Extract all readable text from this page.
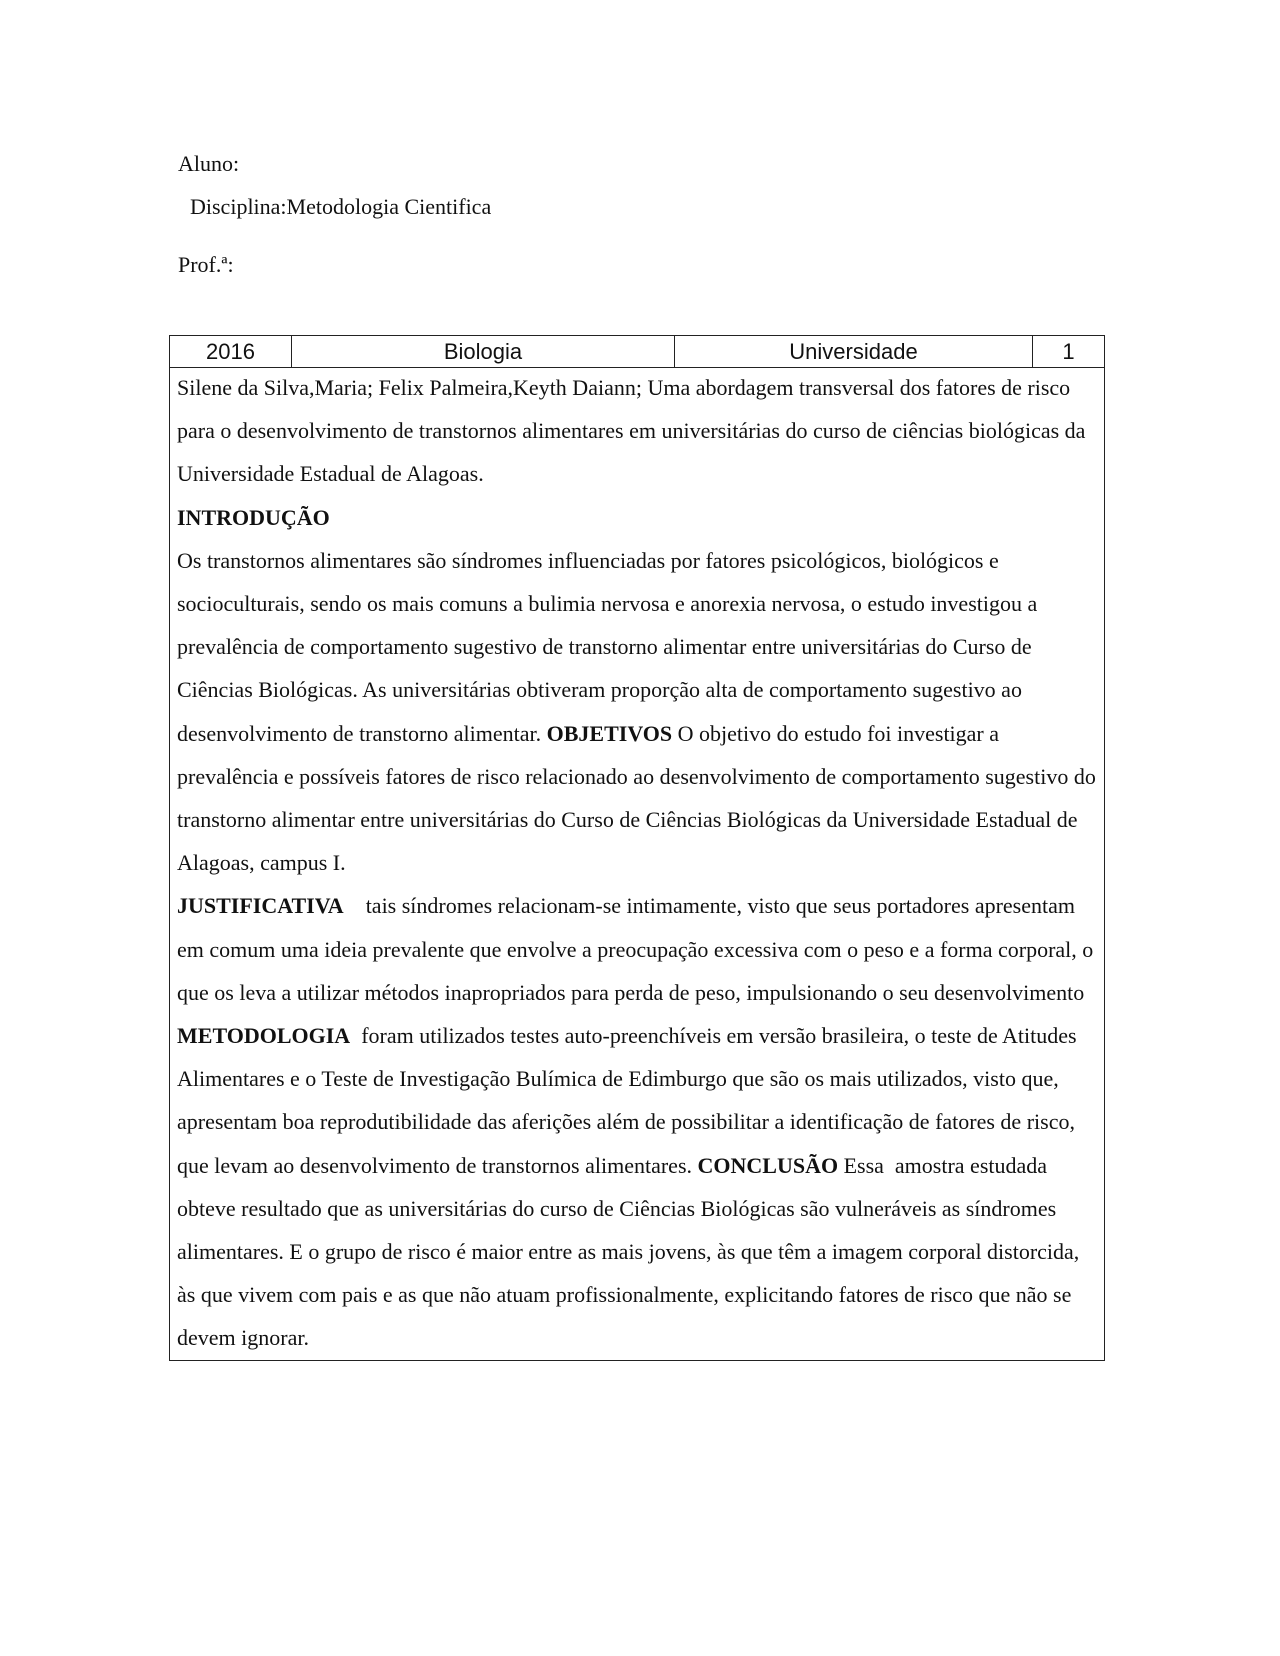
Aluno:
Disciplina:Metodologia Cientifica
Prof.ª:
2016	Biologia	Universidade	1

Silene da Silva,Maria; Felix Palmeira,Keyth Daiann; Uma abordagem transversal dos fatores de risco para o desenvolvimento de transtornos alimentares em universitárias do curso de ciências biológicas da Universidade Estadual de Alagoas.

INTRODUÇÃO

Os transtornos alimentares são síndromes influenciadas por fatores psicológicos, biológicos e socioculturais, sendo os mais comuns a bulimia nervosa e anorexia nervosa, o estudo investigou a prevalência de comportamento sugestivo de transtorno alimentar entre universitárias do Curso de Ciências Biológicas. As universitárias obtiveram proporção alta de comportamento sugestivo ao desenvolvimento de transtorno alimentar. OBJETIVOS O objetivo do estudo foi investigar a prevalência e possíveis fatores de risco relacionado ao desenvolvimento de comportamento sugestivo do transtorno alimentar entre universitárias do Curso de Ciências Biológicas da Universidade Estadual de Alagoas, campus I.

JUSTIFICATIVA    tais síndromes relacionam-se intimamente, visto que seus portadores apresentam em comum uma ideia prevalente que envolve a preocupação excessiva com o peso e a forma corporal, o que os leva a utilizar métodos inapropriados para perda de peso, impulsionando o seu desenvolvimento METODOLOGIA  foram utilizados testes auto-preenchíveis em versão brasileira, o teste de Atitudes Alimentares e o Teste de Investigação Bulímica de Edimburgo que são os mais utilizados, visto que, apresentam boa reprodutibilidade das aferições além de possibilitar a identificação de fatores de risco, que levam ao desenvolvimento de transtornos alimentares. CONCLUSÃO Essa  amostra estudada obteve resultado que as universitárias do curso de Ciências Biológicas são vulneráveis as síndromes alimentares. E o grupo de risco é maior entre as mais jovens, às que têm a imagem corporal distorcida, às que vivem com pais e as que não atuam profissionalmente, explicitando fatores de risco que não se devem ignorar.
